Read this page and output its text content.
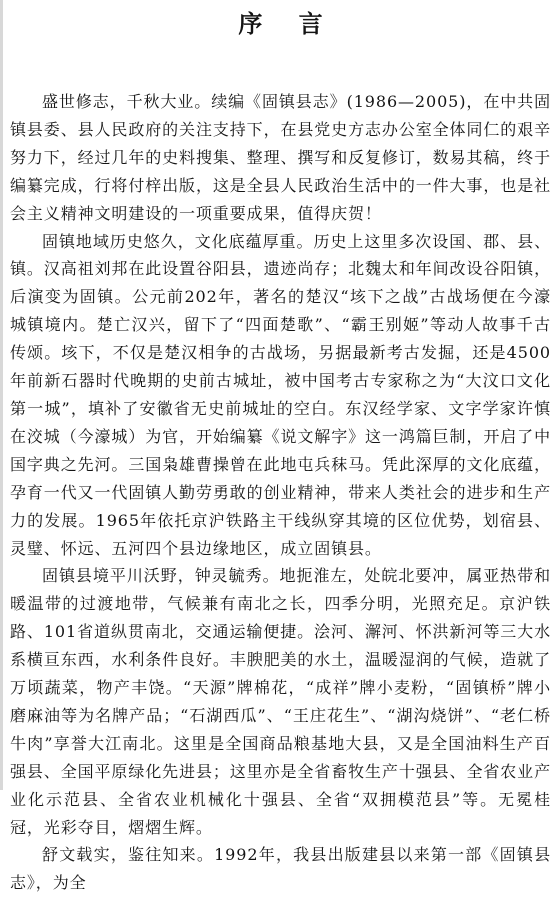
序 言

盛世修志，千秋大业。续编《固镇县志》(1986—2005)，在中共固镇县委、县人民政府的关注支持下，在县党史方志办公室全体同仁的艰辛努力下，经过几年的史料搜集、整理、撰写和反复修订，数易其稿，终于编纂完成，行将付梓出版，这是全县人民政治生活中的一件大事，也是社会主义精神文明建设的一项重要成果，值得庆贺！

固镇地域历史悠久，文化底蕴厚重。历史上这里多次设国、郡、县、镇。汉高祖刘邦在此设置谷阳县，遗迹尚存；北魏太和年间改设谷阳镇，后演变为固镇。公元前202年，著名的楚汉“垓下之战”古战场便在今濠城镇境内。楚亡汉兴，留下了“四面楚歌”、“霸王别姬”等动人故事千古传颂。垓下，不仅是楚汉相争的古战场，另据最新考古发掘，还是4500年前新石器时代晚期的史前古城址，被中国考古专家称之为“大汶口文化第一城”，填补了安徽省无史前城址的空白。东汉经学家、文字学家许慎在洨城（今濠城）为官，开始编纂《说文解字》这一鸿篇巨制，开启了中国字典之先河。三国枭雄曹操曾在此地屯兵秣马。凭此深厚的文化底蕴，孕育一代又一代固镇人勤劳勇敢的创业精神，带来人类社会的进步和生产力的发展。1965年依托京沪铁路主干线纵穿其境的区位优势，划宿县、灵璧、怀远、五河四个县边缘地区，成立固镇县。

固镇县境平川沃野，钟灵毓秀。地扼淮左，处皖北要冲，属亚热带和暖温带的过渡地带，气候兼有南北之长，四季分明，光照充足。京沪铁路、101省道纵贯南北，交通运输便捷。浍河、澥河、怀洪新河等三大水系横亘东西，水利条件良好。丰腴肥美的水土，温暖湿润的气候，造就了万顷蔬菜，物产丰饶。“天源”牌棉花，“成祥”牌小麦粉，“固镇桥”牌小磨麻油等为名牌产品；“石湖西瓜”、“王庄花生”、“湖沟烧饼”、“老仁桥牛肉”享誉大江南北。这里是全国商品粮基地大县，又是全国油料生产百强县、全国平原绿化先进县；这里亦是全省畜牧生产十强县、全省农业产业化示范县、全省农业机械化十强县、全省“双拥模范县”等。无冕桂冠，光彩夺目，熠熠生辉。

舒文载实，鉴往知来。1992年，我县出版建县以来第一部《固镇县志》，为全
